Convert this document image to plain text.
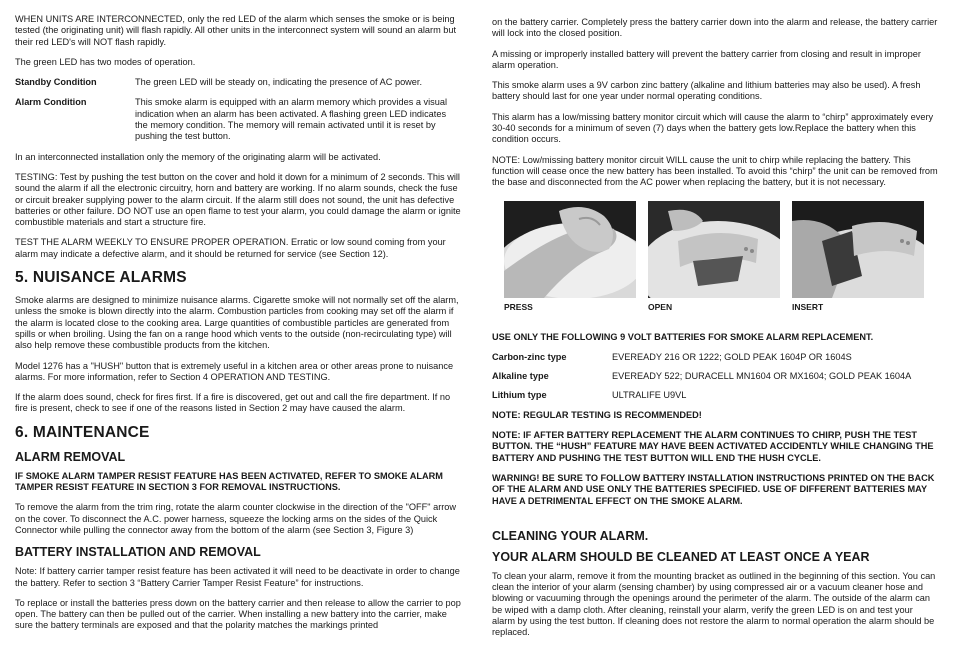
WHEN UNITS ARE INTERCONNECTED, only the red LED of the alarm which senses the smoke or is being tested (the originating unit) will flash rapidly. All other units in the interconnect system will sound an alarm but their red LED's will NOT flash rapidly.

The green LED has two modes of operation.

Standby Condition	The green LED will be steady on, indicating the presence of AC power.
Alarm Condition	This smoke alarm is equipped with an alarm memory which provides a visual indication when an alarm has been activated. A flashing green LED indicates the memory condition. The memory will remain activated until it is reset by pushing the test button.

In an interconnected installation only the memory of the originating alarm will be activated.

TESTING: Test by pushing the test button on the cover and hold it down for a minimum of 2 seconds. This will sound the alarm if all the electronic circuitry, horn and battery are working. If no alarm sounds, check the fuse or circuit breaker supplying power to the alarm circuit. If the alarm still does not sound, the unit has defective batteries or other failure. DO NOT use an open flame to test your alarm, you could damage the alarm or ignite combustible materials and start a structure fire.

TEST THE ALARM WEEKLY TO ENSURE PROPER OPERATION. Erratic or low sound coming from your alarm may indicate a defective alarm, and it should be returned for service (see Section 12).

5. NUISANCE ALARMS

Smoke alarms are designed to minimize nuisance alarms. Cigarette smoke will not normally set off the alarm, unless the smoke is blown directly into the alarm. Combustion particles from cooking may set off the alarm if the alarm is located close to the cooking area. Large quantities of combustible particles are generated from spills or when broiling. Using the fan on a range hood which vents to the outside (non-recirculating type) will also help remove these combustible products from the kitchen.

Model 1276 has a "HUSH" button that is extremely useful in a kitchen area or other areas prone to nuisance alarms. For more information, refer to Section 4 OPERATION AND TESTING.

If the alarm does sound, check for fires first. If a fire is discovered, get out and call the fire department. If no fire is present, check to see if one of the reasons listed in Section 2 may have caused the alarm.

6. MAINTENANCE
ALARM REMOVAL

IF SMOKE ALARM TAMPER RESIST FEATURE HAS BEEN ACTIVATED, REFER TO SMOKE ALARM TAMPER RESIST FEATURE IN SECTION 3 FOR REMOVAL INSTRUCTIONS.

To remove the alarm from the trim ring, rotate the alarm counter clockwise in the direction of the "OFF" arrow on the cover. To disconnect the A.C. power harness, squeeze the locking arms on the sides of the Quick Connector while pulling the connector away from the bottom of the alarm (see Section 3, Figure 3)

BATTERY INSTALLATION AND REMOVAL

Note: If battery carrier tamper resist feature has been activated it will need to be deactivate in order to change the battery. Refer to section 3 “Battery Carrier Tamper Resist Feature” for instructions.

To replace or install the batteries press down on the battery carrier and then release to allow the carrier to pop open. The battery can then be pulled out of the carrier. When installing a new battery into the carrier, make sure the battery terminals are exposed and that the polarity matches the markings printed

on the battery carrier. Completely press the battery carrier down into the alarm and release, the battery carrier will lock into the closed position.

A missing or improperly installed battery will prevent the battery carrier from closing and result in improper alarm operation.

This smoke alarm uses a 9V carbon zinc battery (alkaline and lithium batteries may also be used). A fresh battery should last for one year under normal operating conditions.

This alarm has a low/missing battery monitor circuit which will cause the alarm to “chirp” approximately every 30-40 seconds for a minimum of seven (7) days when the battery gets low.Replace the battery when this condition occurs.

NOTE: Low/missing battery monitor circuit WILL cause the unit to chirp while replacing the battery. This function will cease once the new battery has been installed. To avoid this “chirp” the unit can be removed from the base and disconnected from the AC power when replacing the battery, but it is not necessary.

PRESS	OPEN	INSERT

USE ONLY THE FOLLOWING 9 VOLT BATTERIES FOR SMOKE ALARM REPLACEMENT.

Carbon-zinc type	EVEREADY 216 OR 1222; GOLD PEAK 1604P OR 1604S
Alkaline type	EVEREADY 522; DURACELL MN1604 OR MX1604; GOLD PEAK 1604A
Lithium type	ULTRALIFE U9VL

NOTE: REGULAR TESTING IS RECOMMENDED!

NOTE: IF AFTER BATTERY REPLACEMENT THE ALARM CONTINUES TO CHIRP, PUSH THE TEST BUTTON. THE “HUSH” FEATURE MAY HAVE BEEN ACTIVATED ACCIDENTLY WHILE CHANGING THE BATTERY AND PUSHING THE TEST BUTTON WILL END THE HUSH CYCLE.

WARNING! BE SURE TO FOLLOW BATTERY INSTALLATION INSTRUCTIONS PRINTED ON THE BACK OF THE ALARM AND USE ONLY THE BATTERIES SPECIFIED. USE OF DIFFERENT BATTERIES MAY HAVE A DETRIMENTAL EFFECT ON THE SMOKE ALARM.

CLEANING YOUR ALARM.
YOUR ALARM SHOULD BE CLEANED AT LEAST ONCE A YEAR

To clean your alarm, remove it from the mounting bracket as outlined in the beginning of this section. You can clean the interior of your alarm (sensing chamber) by using compressed air or a vacuum cleaner hose and blowing or vacuuming through the openings around the perimeter of the alarm. The outside of the alarm can be wiped with a damp cloth. After cleaning, reinstall your alarm, verify the green LED is on and test your alarm by using the test button. If cleaning does not restore the alarm to normal operation the alarm should be replaced.
